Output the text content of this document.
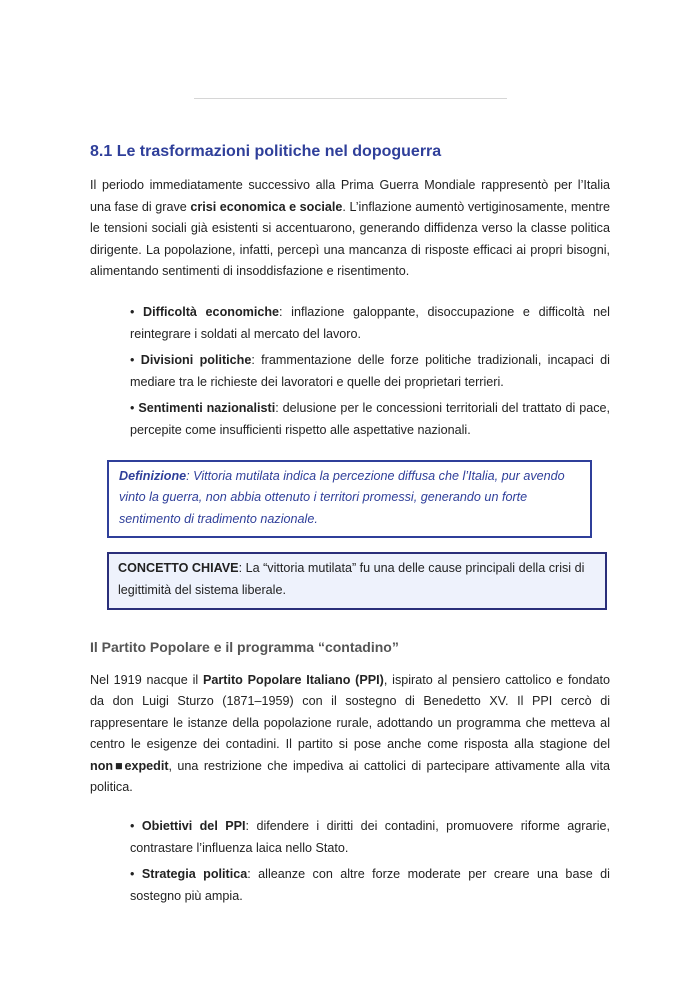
8.1 Le trasformazioni politiche nel dopoguerra

Il periodo immediatamente successivo alla Prima Guerra Mondiale rappresentò per l’Italia una fase di grave crisi economica e sociale. L’inflazione aumentò vertiginosamente, mentre le tensioni sociali già esistenti si accentuarono, generando diffidenza verso la classe politica dirigente. La popolazione, infatti, percepì una mancanza di risposte efficaci ai propri bisogni, alimentando sentimenti di insoddisfazione e risentimento.

• Difficoltà economiche: inflazione galoppante, disoccupazione e difficoltà nel reintegrare i soldati al mercato del lavoro.
• Divisioni politiche: frammentazione delle forze politiche tradizionali, incapaci di mediare tra le richieste dei lavoratori e quelle dei proprietari terrieri.
• Sentimenti nazionalisti: delusione per le concessioni territoriali del trattato di pace, percepite come insufficienti rispetto alle aspettative nazionali.
Definizione: Vittoria mutilata indica la percezione diffusa che l’Italia, pur avendo vinto la guerra, non abbia ottenuto i territori promessi, generando un forte sentimento di tradimento nazionale.
CONCETTO CHIAVE: La “vittoria mutilata” fu una delle cause principali della crisi di legittimità del sistema liberale.
Il Partito Popolare e il programma “contadino”

Nel 1919 nacque il Partito Popolare Italiano (PPI), ispirato al pensiero cattolico e fondato da don Luigi Sturzo (1871–1959) con il sostegno di Benedetto XV. Il PPI cercò di rappresentare le istanze della popolazione rurale, adottando un programma che metteva al centro le esigenze dei contadini. Il partito si pose anche come risposta alla stagione del non■expedit, una restrizione che impediva ai cattolici di partecipare attivamente alla vita politica.

• Obiettivi del PPI: difendere i diritti dei contadini, promuovere riforme agrarie, contrastare l’influenza laica nello Stato.
• Strategia politica: alleanze con altre forze moderate per creare una base di sostegno più ampia.
